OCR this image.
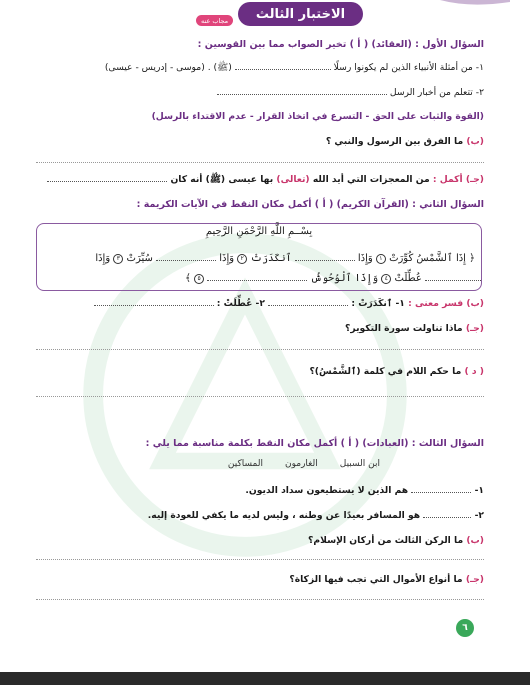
الاختبار الثالث
مجاب عنه
السؤال الأول : (العقائد) ( أ ) تخير الصواب مما بين القوسين :
١- من أمثلة الأنبياء الذين لم يكونوا رسلًا  (ﷺ) . (موسى - إدريس - عيسى)
٢- تتعلم من أخبار الرسل
(القوة والثبات على الحق - التسرع في اتخاذ القرار - عدم الاقتداء بالرسل)
(ب) ما الفرق بين الرسول والنبي ؟
(جـ) أكمل : من المعجزات التي أيد الله (تعالى) بها عيسى (ﷺ) أنه كان
السؤال الثاني : (القرآن الكريم) ( أ ) أكمل مكان النقط في الآيات الكريمة :
بِسْــمِ اللَّهِ الرَّحْمَنِ الرَّحِيمِ
﴿ إِذَا ٱلشَّمْسُ كُوِّرَتْ ١ وَإِذَا  ٱنكَدَرَتْ ٢ وَإِذَا  سُيِّرَتْ ٣ وَإِذَا
عُطِّلَتْ ٤ وَإِذَا ٱلْوُحُوشُ  ٥ ﴾
(ب) فسر معنى : ١- ٱنكَدَرَتْ :  ٢- عُطِّلَتْ :
(جـ) ماذا تناولت سورة التكوير؟
( د ) ما حكم اللام في كلمة (ٱلشَّمْسُ)؟
السؤال الثالث : (العبادات) ( أ ) أكمل مكان النقط بكلمة مناسبة مما يلي :
ابن السبيل
الغارمون
المساكين
١-  هم الذين لا يستطيعون سداد الديون.
٢-  هو المسافر بعيدًا عن وطنه ، وليس لديه ما يكفي للعودة إليه.
(ب) ما الركن الثالث من أركان الإسلام؟
(جـ) ما أنواع الأموال التي تجب فيها الزكاة؟
٦
